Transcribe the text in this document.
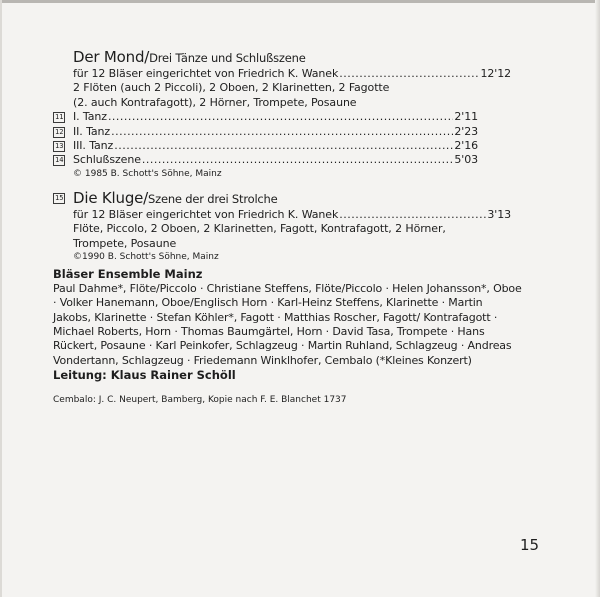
Der Mond/Drei Tänze und Schlußszene
für 12 Bläser eingerichtet von Friedrich K. Wanek .....	12'12
2 Flöten (auch 2 Piccoli), 2 Oboen, 2 Klarinetten, 2 Fagotte
(2. auch Kontrafagott), 2 Hörner, Trompete, Posaune
11 I. Tanz .....	2'11
12 II. Tanz .....	2'23
13 III. Tanz .....	2'16
14 Schlußszene .....	5'03
© 1985 B. Schott's Söhne, Mainz
15 Die Kluge/Szene der drei Strolche
für 12 Bläser eingerichtet von Friedrich K. Wanek .....	3'13
Flöte, Piccolo, 2 Oboen, 2 Klarinetten, Fagott, Kontrafagott, 2 Hörner,
Trompete, Posaune
©1990 B. Schott's Söhne, Mainz
Bläser Ensemble Mainz
Paul Dahme*, Flöte/Piccolo · Christiane Steffens, Flöte/Piccolo · Helen Johansson*, Oboe · Volker Hanemann, Oboe/Englisch Horn · Karl-Heinz Steffens, Klarinette · Martin Jakobs, Klarinette · Stefan Köhler*, Fagott · Matthias Roscher, Fagott/ Kontrafagott · Michael Roberts, Horn · Thomas Baumgärtel, Horn · David Tasa, Trompete · Hans Rückert, Posaune · Karl Peinkofer, Schlagzeug · Martin Ruhland, Schlagzeug · Andreas Vondertann, Schlagzeug · Friedemann Winklhofer, Cembalo (*Kleines Konzert)
Leitung: Klaus Rainer Schöll
Cembalo: J. C. Neupert, Bamberg, Kopie nach F. E. Blanchet 1737
15
